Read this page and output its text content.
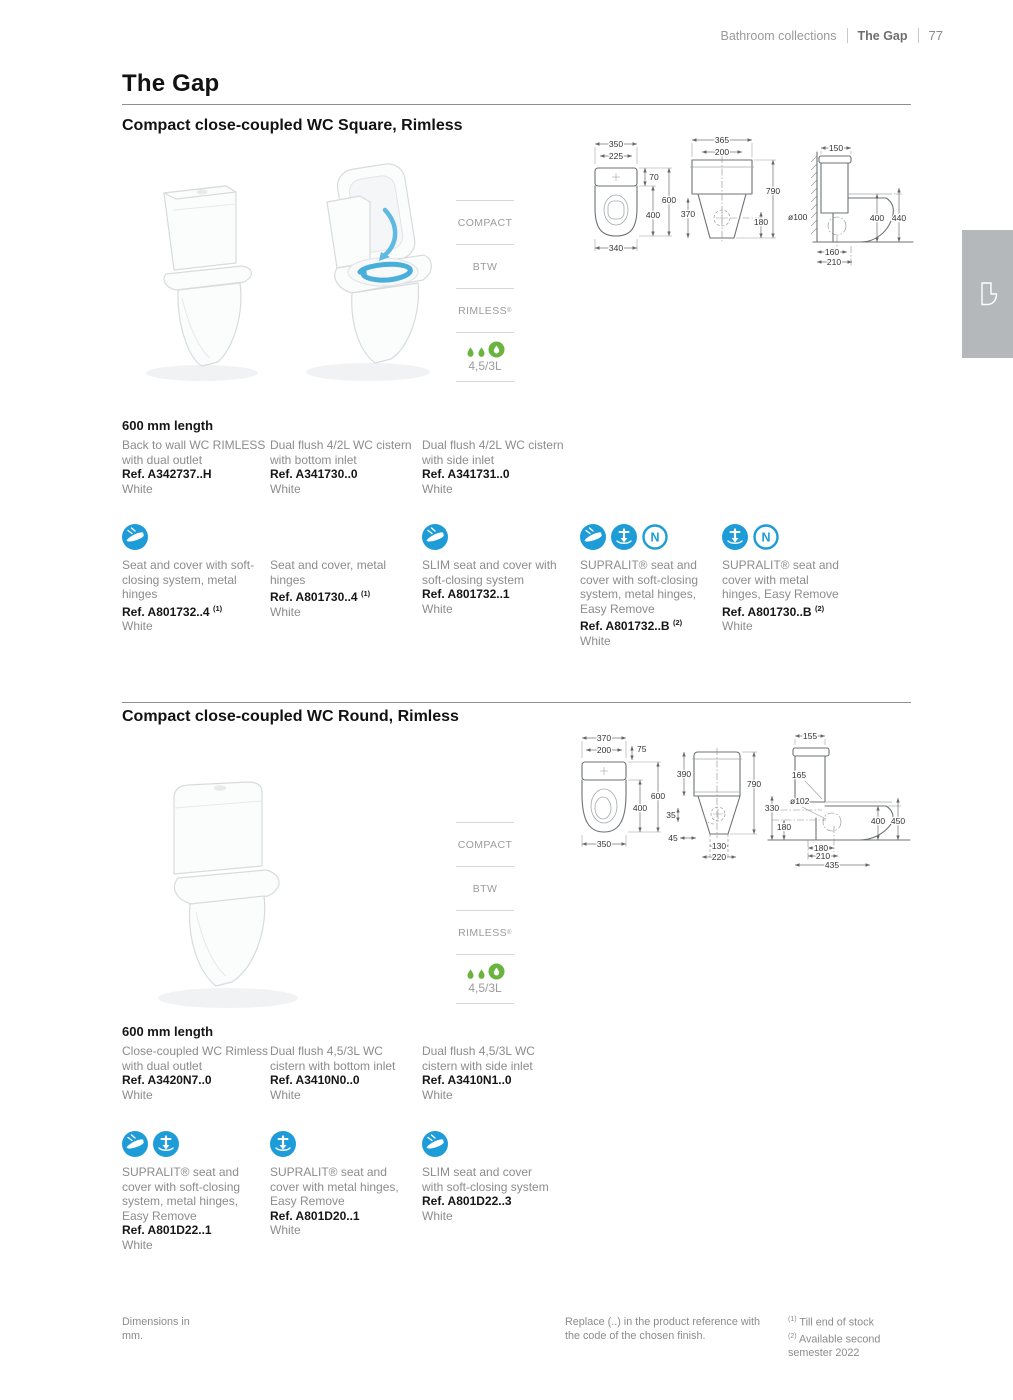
Bathroom collections The Gap 77
The Gap
Compact close-coupled WC Square, Rimless
COMPACT
BTW
RIMLESS ®
4,5/3L
350
225
70
600
400
340
365
200
790
370
180 ø100
150
400 440
160
210
600 mm length
Back to wall WC RIMLESS with dual outlet
Ref. A342737..H
White
Dual flush 4/2L WC cistern with bottom inlet
Ref. A341730..0
White
Dual flush 4/2L WC cistern with side inlet
Ref. A341731..0
White
N	N
Seat and cover with soft-closing system, metal hinges
Ref. A801732..4 $^{(1)}$
White
Seat and cover, metal hinges
Ref. A801730..4 $^{(1)}$
White
SLIM seat and cover with soft-closing system
Ref. A801732..1
White
SUPRALIT® seat and cover with soft-closing system, metal hinges, Easy Remove
Ref. A801732..B $^{(2)}$
White
SUPRALIT® seat and cover with metal hinges, Easy Remove
Ref. A801730..B $^{(2)}$
White
Compact close-coupled WC Round, Rimless
COMPACT
BTW
RIMLESS ®
4,5/3L
370
200	75
600
400
350
390
790
35
45
130
220
155
165
330
ø102
180
400 450
180
210
435
600 mm length
Close-coupled WC Rimless with dual outlet
Ref. A3420N7..0
White
Dual flush 4,5/3L WC cistern with bottom inlet
Ref. A3410N0..0
White
Dual flush 4,5/3L WC cistern with side inlet
Ref. A3410N1..0
White
SUPRALIT® seat and cover with soft-closing system, metal hinges, Easy Remove
Ref. A801D22..1
White
SUPRALIT® seat and cover with metal hinges, Easy Remove
Ref. A801D20..1
White
SLIM seat and cover with soft-closing system
Ref. A801D22..3
White
Dimensions in mm.
Replace (..) in the product reference with the code of the chosen finish.
$^{(1)}$ Till end of stock
$^{(2)}$ Available second semester 2022
